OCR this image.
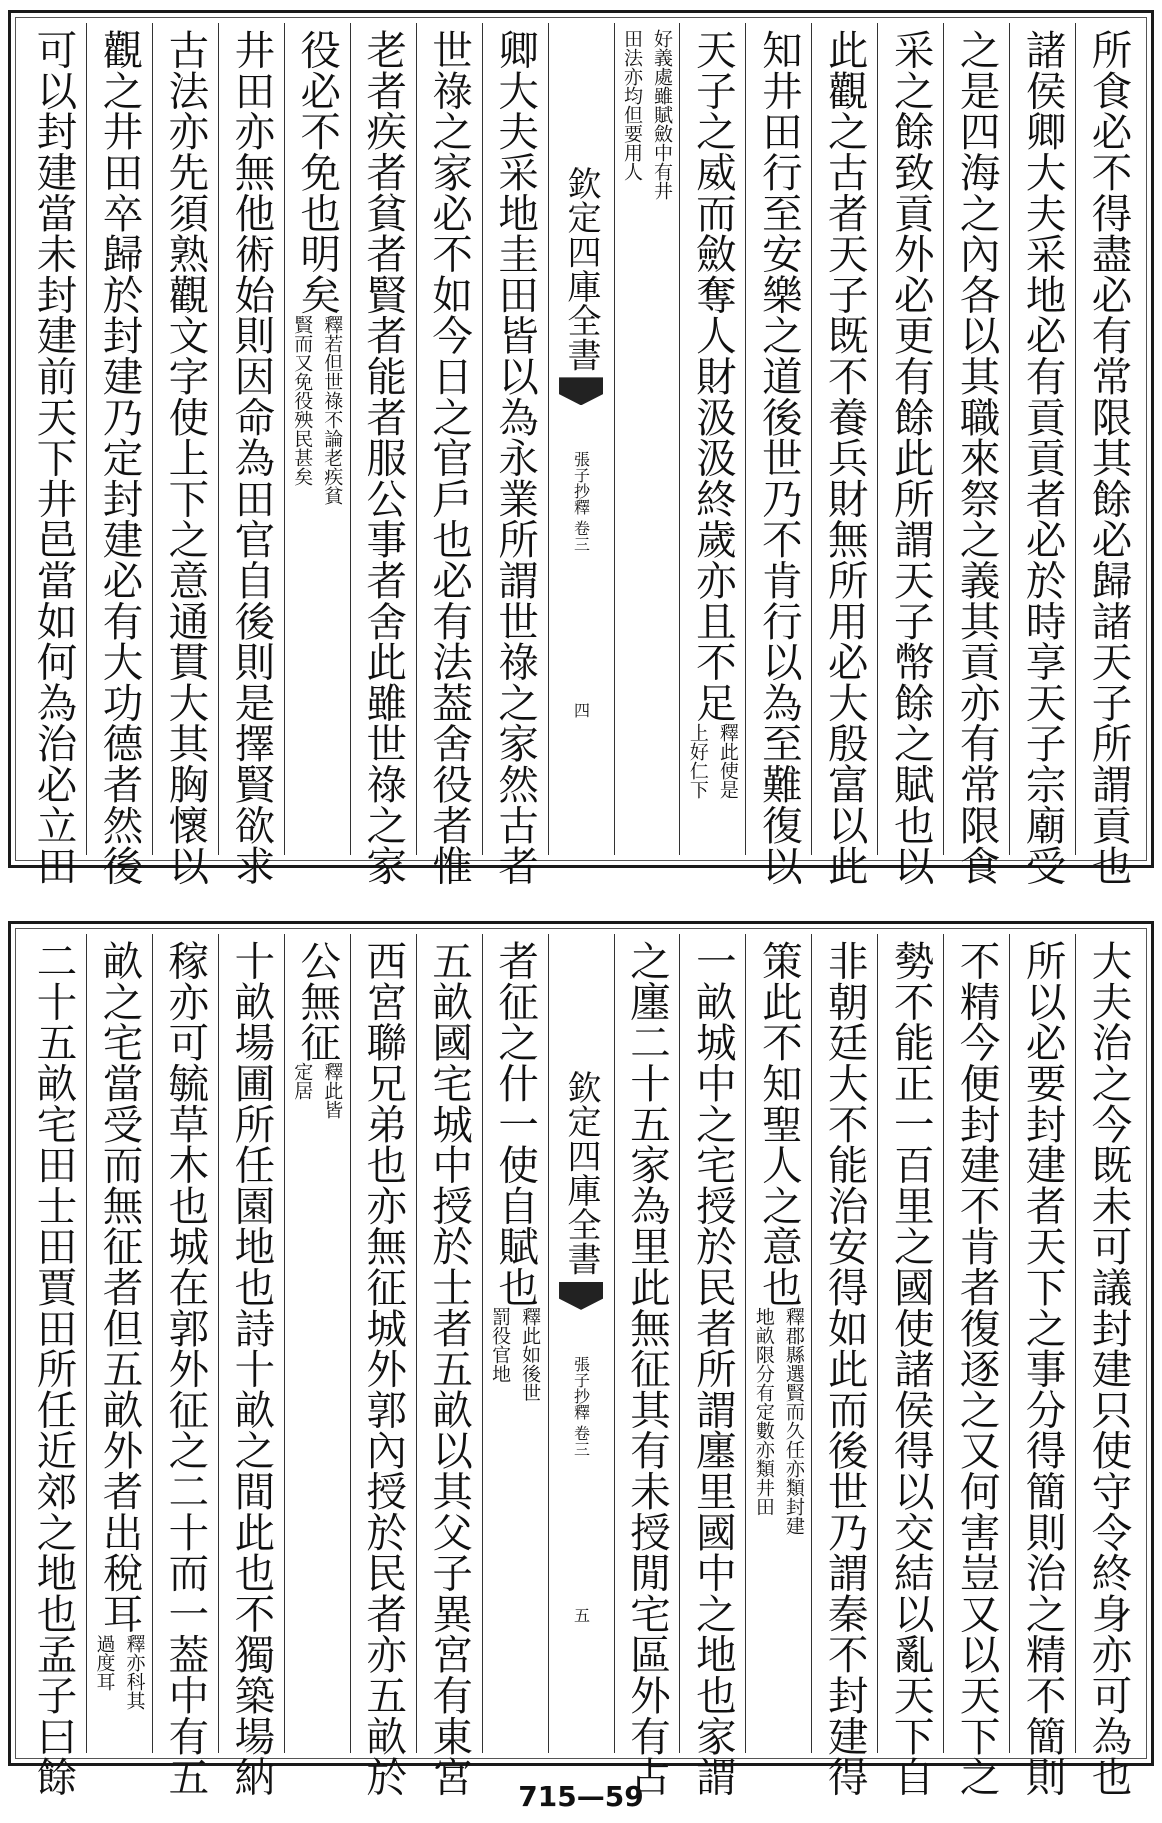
所食必不得盡必有常限其餘必歸諸天子所謂貢也
諸侯卿大夫采地必有貢貢者必於時享天子宗廟受
之是四海之內各以其職來祭之義其貢亦有常限食
采之餘致貢外必更有餘此所謂天子幣餘之賦也以
此觀之古者天子既不養兵財無所用必大殷富以此
知井田行至安樂之道後世乃不肯行以為至難復以
天子之威而斂奪人財汲汲終歲亦且不足
釋此使是
上好仁下
好義處雖賦斂中有井
田法亦均但要用人
欽定四庫全書
張子抄釋 卷三
四
卿大夫采地圭田皆以為永業所謂世祿之家然古者
世祿之家必不如今日之官戶也必有法葢舍役者惟
老者疾者貧者賢者能者服公事者舍此雖世祿之家
役必不免也明矣
釋若但世祿不論老疾貧
賢而又免役殃民甚矣
井田亦無他術始則因命為田官自後則是擇賢欲求
古法亦先須熟觀文字使上下之意通貫大其胸懷以
觀之井田卒歸於封建乃定封建必有大功德者然後
可以封建當未封建前天下井邑當如何為治必立田
大夫治之今既未可議封建只使守令終身亦可為也
所以必要封建者天下之事分得簡則治之精不簡則
不精今便封建不肯者復逐之又何害豈又以天下之
勢不能正一百里之國使諸侯得以交結以亂天下自
非朝廷大不能治安得如此而後世乃謂秦不封建得
策此不知聖人之意也
釋郡縣選賢而久任亦類封建
地畝限分有定數亦類井田
一畝城中之宅授於民者所謂廛里國中之地也家謂
之廛二十五家為里此無征其有未授閒宅區外有占
欽定四庫全書
張子抄釋 卷三
五
者征之什一使自賦也
釋此如後世
罰役官地
五畝國宅城中授於士者五畝以其父子異宮有東宮
西宮聯兄弟也亦無征城外郭內授於民者亦五畝於
公無征
釋此皆
定居
十畝場圃所任園地也詩十畝之間此也不獨築場納
稼亦可毓草木也城在郭外征之二十而一葢中有五
畝之宅當受而無征者但五畝外者出稅耳
釋亦科其
過度耳
二十五畝宅田士田賈田所任近郊之地也孟子曰餘	715—59
